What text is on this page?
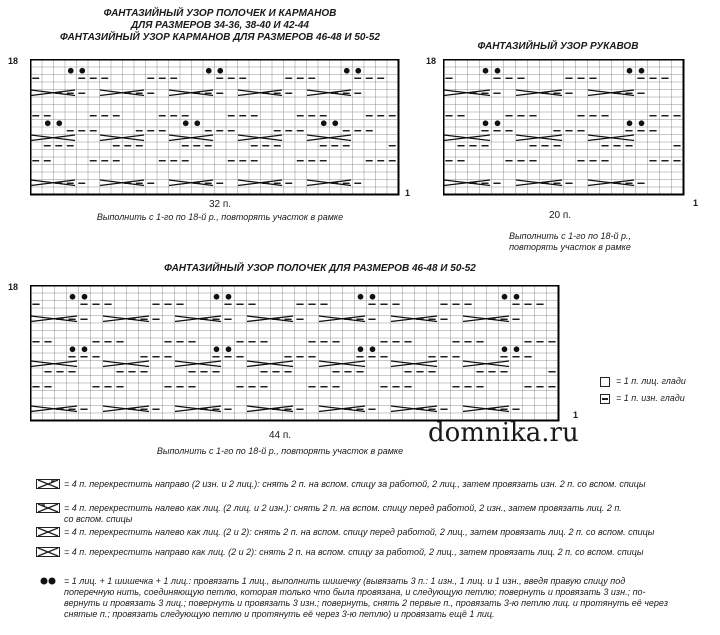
ФАНТАЗИЙНЫЙ УЗОР ПОЛОЧЕК И КАРМАНОВ
ДЛЯ РАЗМЕРОВ 34-36, 38-40 И 42-44
ФАНТАЗИЙНЫЙ УЗОР КАРМАНОВ ДЛЯ РАЗМЕРОВ 46-48 И 50-52
ФАНТАЗИЙНЫЙ УЗОР РУКАВОВ
ФАНТАЗИЙНЫЙ УЗОР ПОЛОЧЕК ДЛЯ РАЗМЕРОВ 46-48 И 50-52
18
1
32 п.
Выполнить с 1-го по 18-й р., повторять участок в рамке
18
1
20 п.
Выполнить с 1-го по 18-й р.,
повторять участок в рамке
18
1
44 п.
Выполнить с 1-го по 18-й р., повторять участок в рамке
= 1 п. лиц. глади
= 1 п. изн. глади
domnika.ru
= 4 п. перекрестить направо (2 изн. и 2 лиц.): снять 2 п. на вспом. спицу за работой, 2 лиц., затем провязать изн. 2 п. со вспом. спицы
= 4 п. перекрестить налево как лиц. (2 лиц. и 2 изн.): снять 2 п. на вспом. спицу перед работой, 2 изн., затем провязать лиц. 2 п.
со вспом. спицы
= 4 п. перекрестить налево как лиц. (2 и 2): снять 2 п. на вспом. спицу перед работой, 2 лиц., затем провязать лиц. 2 п. со вспом. спицы
= 4 п. перекрестить направо как лиц. (2 и 2): снять 2 п. на вспом. спицу за работой, 2 лиц., затем провязать лиц. 2 п. со вспом. спицы
= 1 лиц. + 1 шишечка + 1 лиц.: провязать 1 лиц., выполнить шишечку (вывязать 3 п.: 1 изн., 1 лиц. и 1 изн., введя правую спицу под
поперечную нить, соединяющую петлю, которая только что была провязана, и следующую петлю; повернуть и провязать 3 изн.; по-
вернуть и провязать 3 лиц.; повернуть и провязать 3 изн.; повернуть, снять 2 первые п., провязать 3-ю петлю лиц. и протянуть её через
снятые п.; провязать следующую петлю и протянуть её через 3-ю петлю) и провязать ещё 1 лиц.
